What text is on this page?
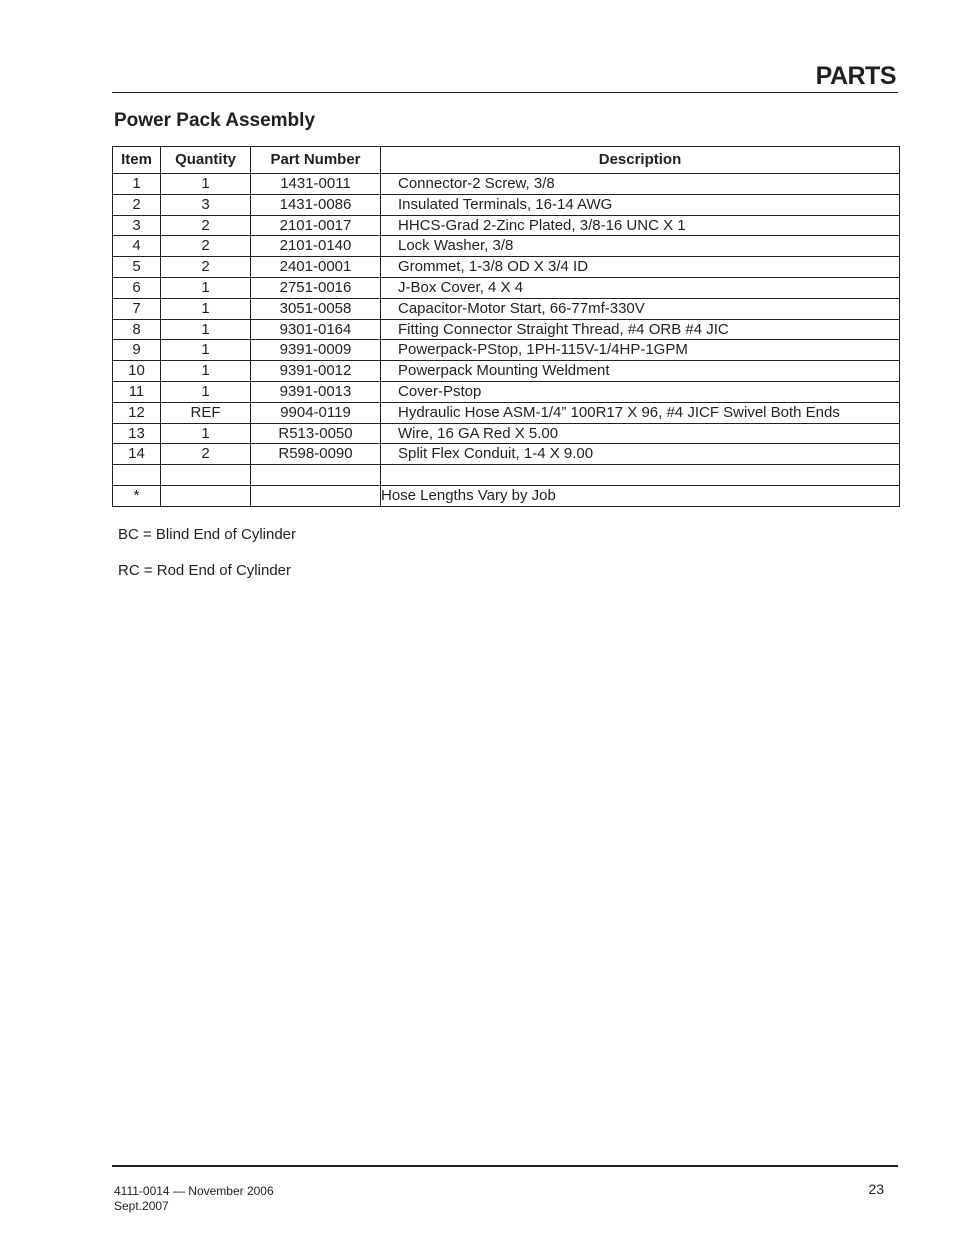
PARTS
Power Pack Assembly
Item	Quantity	Part Number	Description
1	1	1431-0011	Connector-2 Screw, 3/8
2	3	1431-0086	Insulated Terminals, 16-14 AWG
3	2	2101-0017	HHCS-Grad 2-Zinc Plated, 3/8-16 UNC X 1
4	2	2101-0140	Lock Washer, 3/8
5	2	2401-0001	Grommet, 1-3/8 OD X 3/4 ID
6	1	2751-0016	J-Box Cover, 4 X 4
7	1	3051-0058	Capacitor-Motor Start, 66-77mf-330V
8	1	9301-0164	Fitting Connector Straight Thread, #4 ORB #4 JIC
9	1	9391-0009	Powerpack-PStop, 1PH-115V-1/4HP-1GPM
10	1	9391-0012	Powerpack Mounting Weldment
11	1	9391-0013	Cover-Pstop
12	REF	9904-0119	Hydraulic Hose ASM-1/4” 100R17 X 96, #4 JICF Swivel Both Ends
13	1	R513-0050	Wire, 16 GA Red X 5.00
14	2	R598-0090	Split Flex Conduit, 1-4 X 9.00

*			Hose Lengths Vary by Job

BC = Blind End of Cylinder

RC = Rod End of Cylinder

4111-0014 — November 2006
Sept.2007
23
